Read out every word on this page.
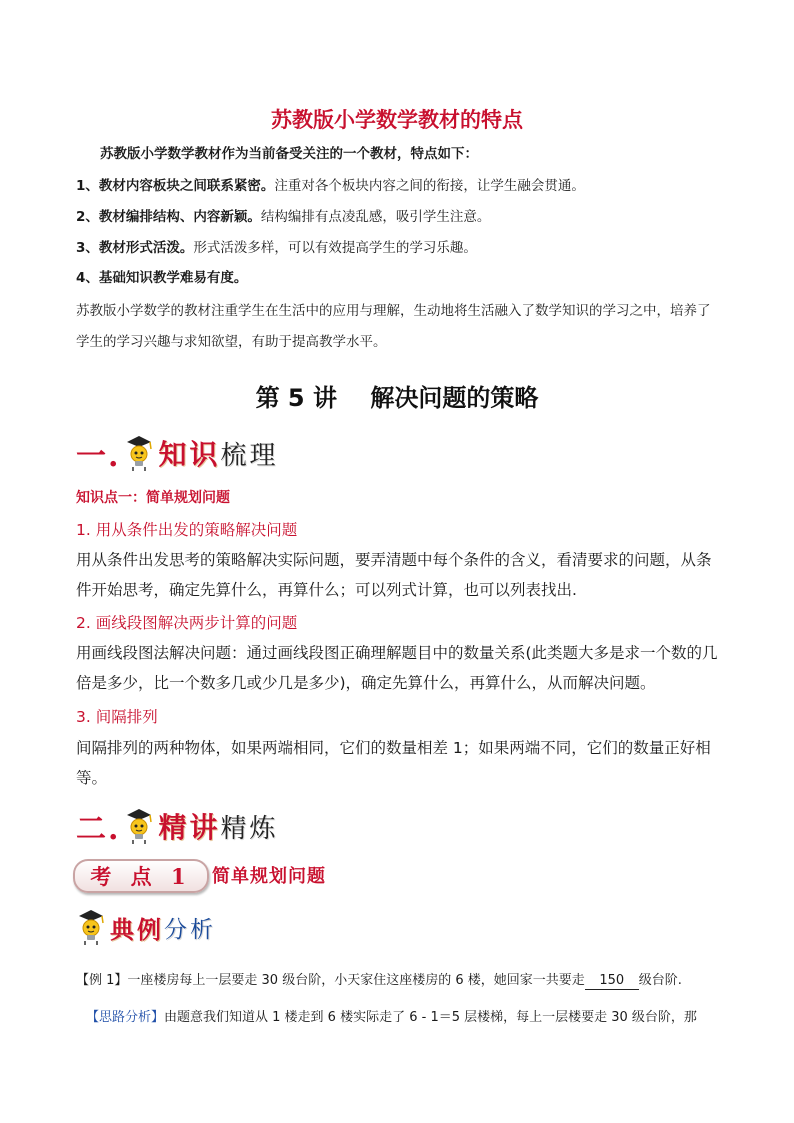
苏教版小学数学教材的特点
苏教版小学数学教材作为当前备受关注的一个教材，特点如下：
1、教材内容板块之间联系紧密。注重对各个板块内容之间的衔接，让学生融会贯通。
2、教材编排结构、内容新颖。结构编排有点凌乱感，吸引学生注意。
3、教材形式活泼。形式活泼多样，可以有效提高学生的学习乐趣。
4、基础知识教学难易有度。
苏教版小学数学的教材注重学生在生活中的应用与理解，生动地将生活融入了数学知识的学习之中，培养了学生的学习兴趣与求知欲望，有助于提高教学水平。
第 5 讲    解决问题的策略
一. 知识 梳理
知识点一：简单规划问题
1. 用从条件出发的策略解决问题
用从条件出发思考的策略解决实际问题，要弄清题中每个条件的含义，看清要求的问题，从条件开始思考，确定先算什么，再算什么；可以列式计算，也可以列表找出.
2. 画线段图解决两步计算的问题
用画线段图法解决问题：通过画线段图正确理解题目中的数量关系(此类题大多是求一个数的几倍是多少，比一个数多几或少几是多少)，确定先算什么，再算什么，从而解决问题。
3. 间隔排列
间隔排列的两种物体，如果两端相同，它们的数量相差 1；如果两端不同，它们的数量正好相等。
二. 精讲 精炼
考 点 1 简单规划问题
典例 分析
【例 1】一座楼房每上一层要走 30 级台阶，小天家住这座楼房的 6 楼，她回家一共要走 150 级台阶.
【思路分析】由题意我们知道从 1 楼走到 6 楼实际走了 6 - 1＝5 层楼梯，每上一层楼要走 30 级台阶，那
